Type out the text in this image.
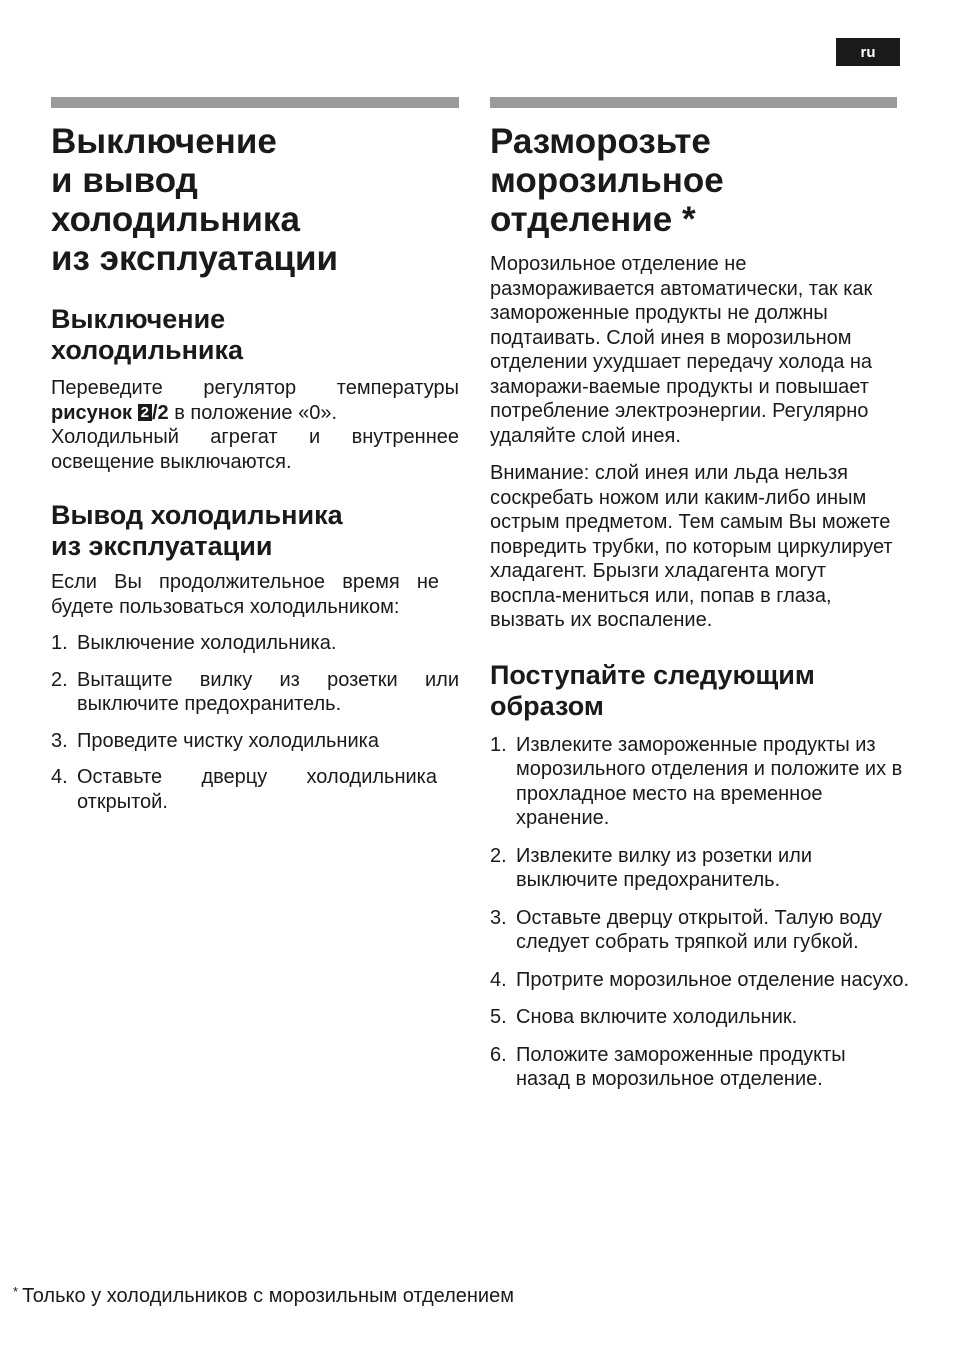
ru
Выключение
и вывод
холодильника
из эксплуатации
Выключение
холодильника

Переведите регулятор температуры

рисунок 2 /2 в положение «0».

Холодильный агрегат и внутреннее освещение выключаются.

Вывод холодильника
из эксплуатации

Если Вы продолжительное время не будете пользоваться холодильником:

1. Выключение холодильника.
2. Вытащите вилку из розетки или выключите предохранитель.
3. Проведите чистку холодильника
4. Оставьте дверцу холодильника открытой.
Разморозьте
морозильное
отделение *

Морозильное отделение не размораживается автоматически, так как замороженные продукты не должны подтаивать. Слой инея в морозильном отделении ухудшает передачу холода на заморажи-ваемые продукты и повышает потребление электроэнергии. Регулярно удаляйте слой инея.

Внимание: слой инея или льда нельзя соскребать ножом или каким-либо иным острым предметом. Тем самым Вы можете повредить трубки, по которым циркулирует хладагент. Брызги хладагента могут воспла-мениться или, попав в глаза, вызвать их воспаление.

Поступайте следующим
образом
1. Извлеките замороженные продукты из морозильного отделения и положите их в прохладное место на временное хранение.
2. Извлеките вилку из розетки или выключите предохранитель.
3. Оставьте дверцу открытой. Талую воду следует собрать тряпкой или губкой.
4. Протрите морозильное отделение насухо.
5. Снова включите холодильник.
6. Положите замороженные продукты назад в морозильное отделение.
* Только у холодильников с морозильным отделением
